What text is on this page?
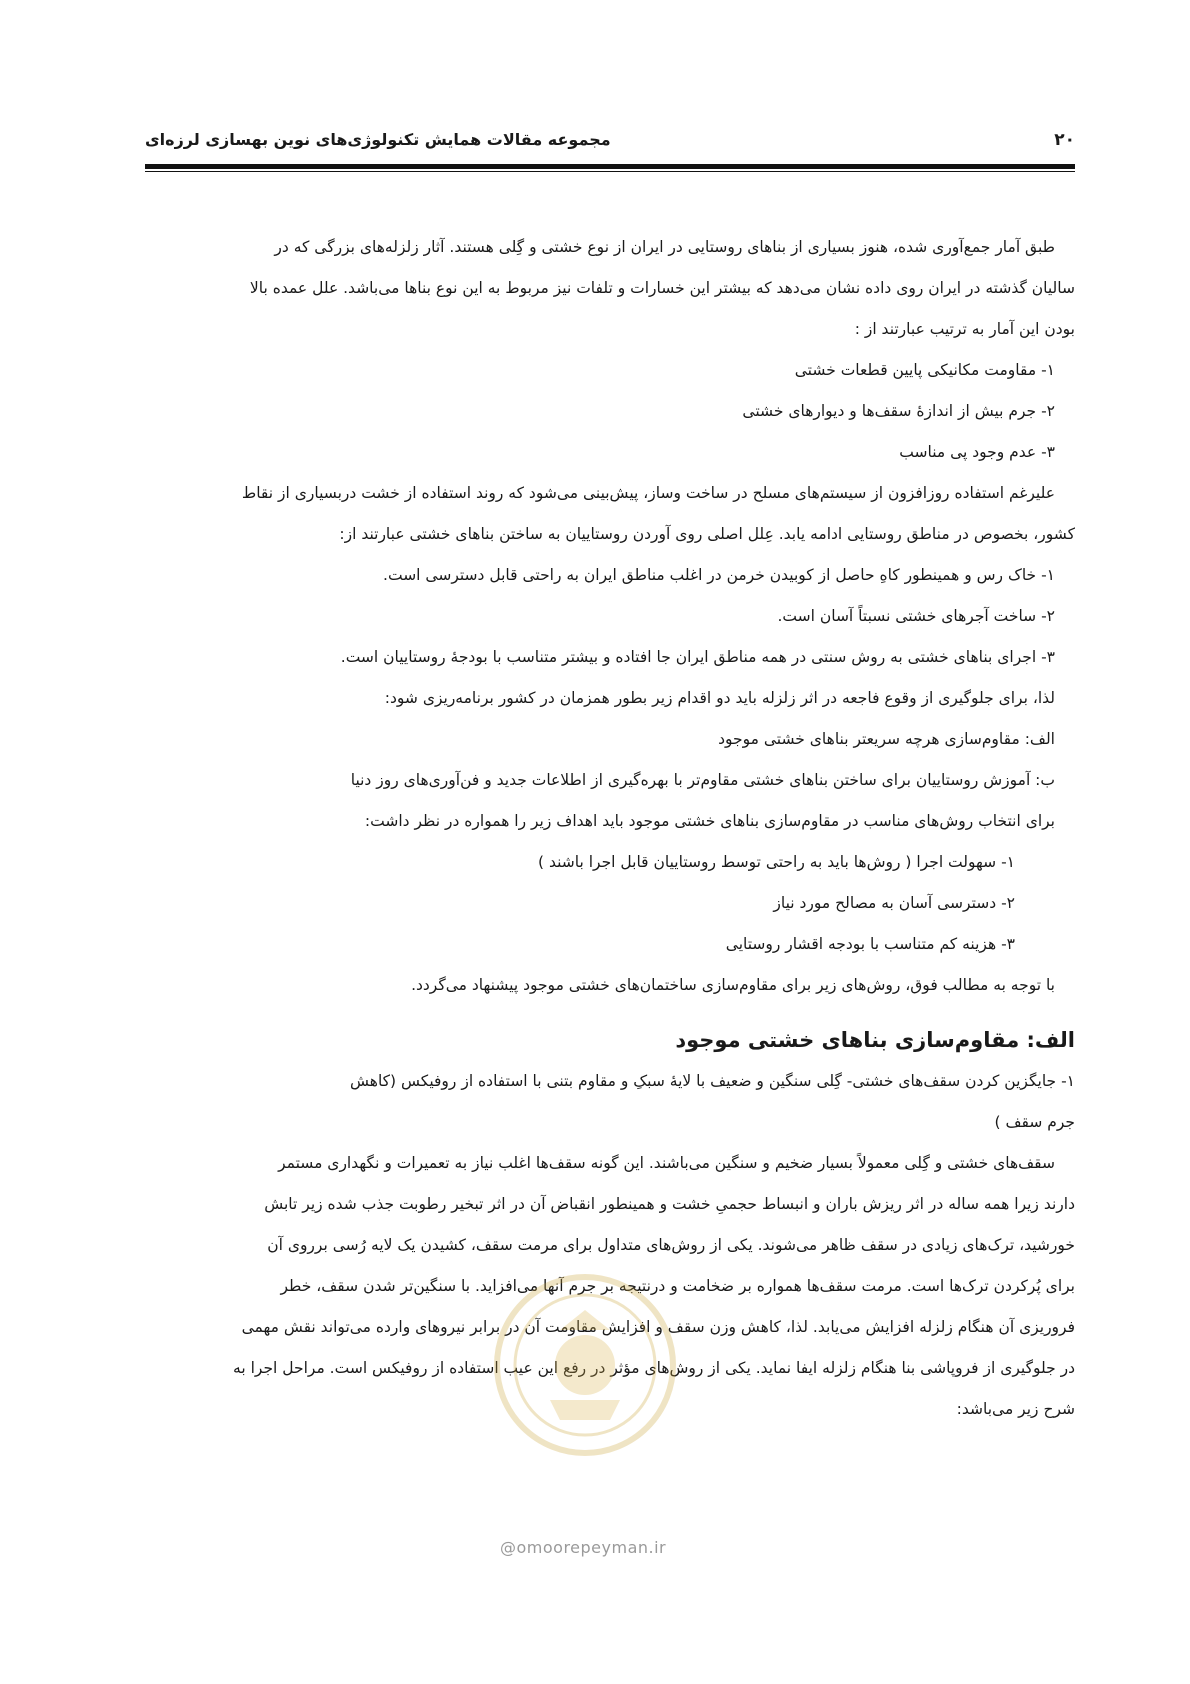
۲۰
مجموعه مقالات همایش تکنولوژی‌های نوین بهسازی لرزه‌ای
طبق آمار جمع‌آوری شده، هنوز بسیاری از بناهای روستایی در ایران از نوع خشتی و گِلی هستند. آثار زلزله‌های بزرگی که در
سالیان گذشته در ایران روی داده نشان می‌دهد که بیشتر این خسارات و تلفات نیز مربوط به این نوع بناها می‌باشد. علل عمده بالا
بودن این آمار به ترتیب عبارتند از :
۱- مقاومت مکانیکی پایین قطعات خشتی
۲- جرم بیش از اندازهٔ سقف‌ها و دیوارهای خشتی
۳- عدم وجود پی مناسب
علیرغم استفاده روزافزون از سیستم‌های مسلح در ساخت وساز، پیش‌بینی می‌شود که روند استفاده از خشت دربسیاری از نقاط
کشور، بخصوص در مناطق روستایی ادامه یابد. عِلل اصلی روی آوردن روستاییان به ساختن بناهای خشتی عبارتند از:
۱- خاک رس و همینطور کاهِ حاصل از کوبیدن خرمن در اغلب مناطق ایران به راحتی قابل دسترسی است.
۲- ساخت آجرهای خشتی نسبتاً آسان است.
۳- اجرای بناهای خشتی به روش سنتی در همه مناطق ایران جا افتاده و بیشتر متناسب با بودجهٔ روستاییان است.
لذا، برای جلوگیری از وقوع فاجعه در اثر زلزله باید دو اقدام زیر بطور همزمان در کشور برنامه‌ریزی شود:
الف: مقاوم‌سازی هرچه سریعتر بناهای خشتی موجود
ب: آموزش روستاییان برای ساختن بناهای خشتی مقاوم‌تر با بهره‌گیری از اطلاعات جدید و فن‌آوری‌های روز دنیا
برای انتخاب روش‌های مناسب در مقاوم‌سازی بناهای خشتی موجود باید اهداف زیر را همواره در نظر داشت:
۱- سهولت اجرا ( روش‌ها باید به راحتی توسط روستاییان قابل اجرا باشند )
۲- دسترسی آسان به مصالح مورد نیاز
۳- هزینه کم متناسب با بودجه اقشار روستایی
با توجه به مطالب فوق، روش‌های زیر برای مقاوم‌سازی ساختمان‌های خشتی موجود پیشنهاد می‌گردد.
الف: مقاوم‌سازی بناهای خشتی موجود
۱- جایگزین کردن سقف‌های خشتی- گِلی سنگین و ضعیف با لایهٔ سبکِ و مقاوم بتنی با استفاده از روفیکس (کاهش
جرم سقف )
سقف‌های خشتی و گِلی معمولاً بسیار ضخیم و سنگین می‌باشند. این گونه سقف‌ها اغلب نیاز به تعمیرات و نگهداری مستمر
دارند زیرا همه ساله در اثر ریزش باران و انبساط حجمیِ خشت و همینطور انقباض آن در اثر تبخیر رطوبت جذب شده زیر تابش
خورشید، ترک‌های زیادی در سقف ظاهر می‌شوند. یکی از روش‌های متداول برای مرمت سقف، کشیدن یک لایه رُسی برروی آن
برای پُرکردن ترک‌ها است. مرمت سقف‌ها همواره بر ضخامت و درنتیجه بر جرم آنها می‌افزاید. با سنگین‌تر شدن سقف، خطر
فروریزی آن هنگام زلزله افزایش می‌یابد. لذا، کاهش وزن سقف و افزایش مقاومت آن در برابر نیروهای وارده می‌تواند نقش مهمی
در جلوگیری از فروپاشی بنا هنگام زلزله ایفا نماید. یکی از روش‌های مؤثر در رفع این عیب استفاده از روفیکس است. مراحل اجرا به
شرح زیر می‌باشد:
@omoorepeyman.ir
